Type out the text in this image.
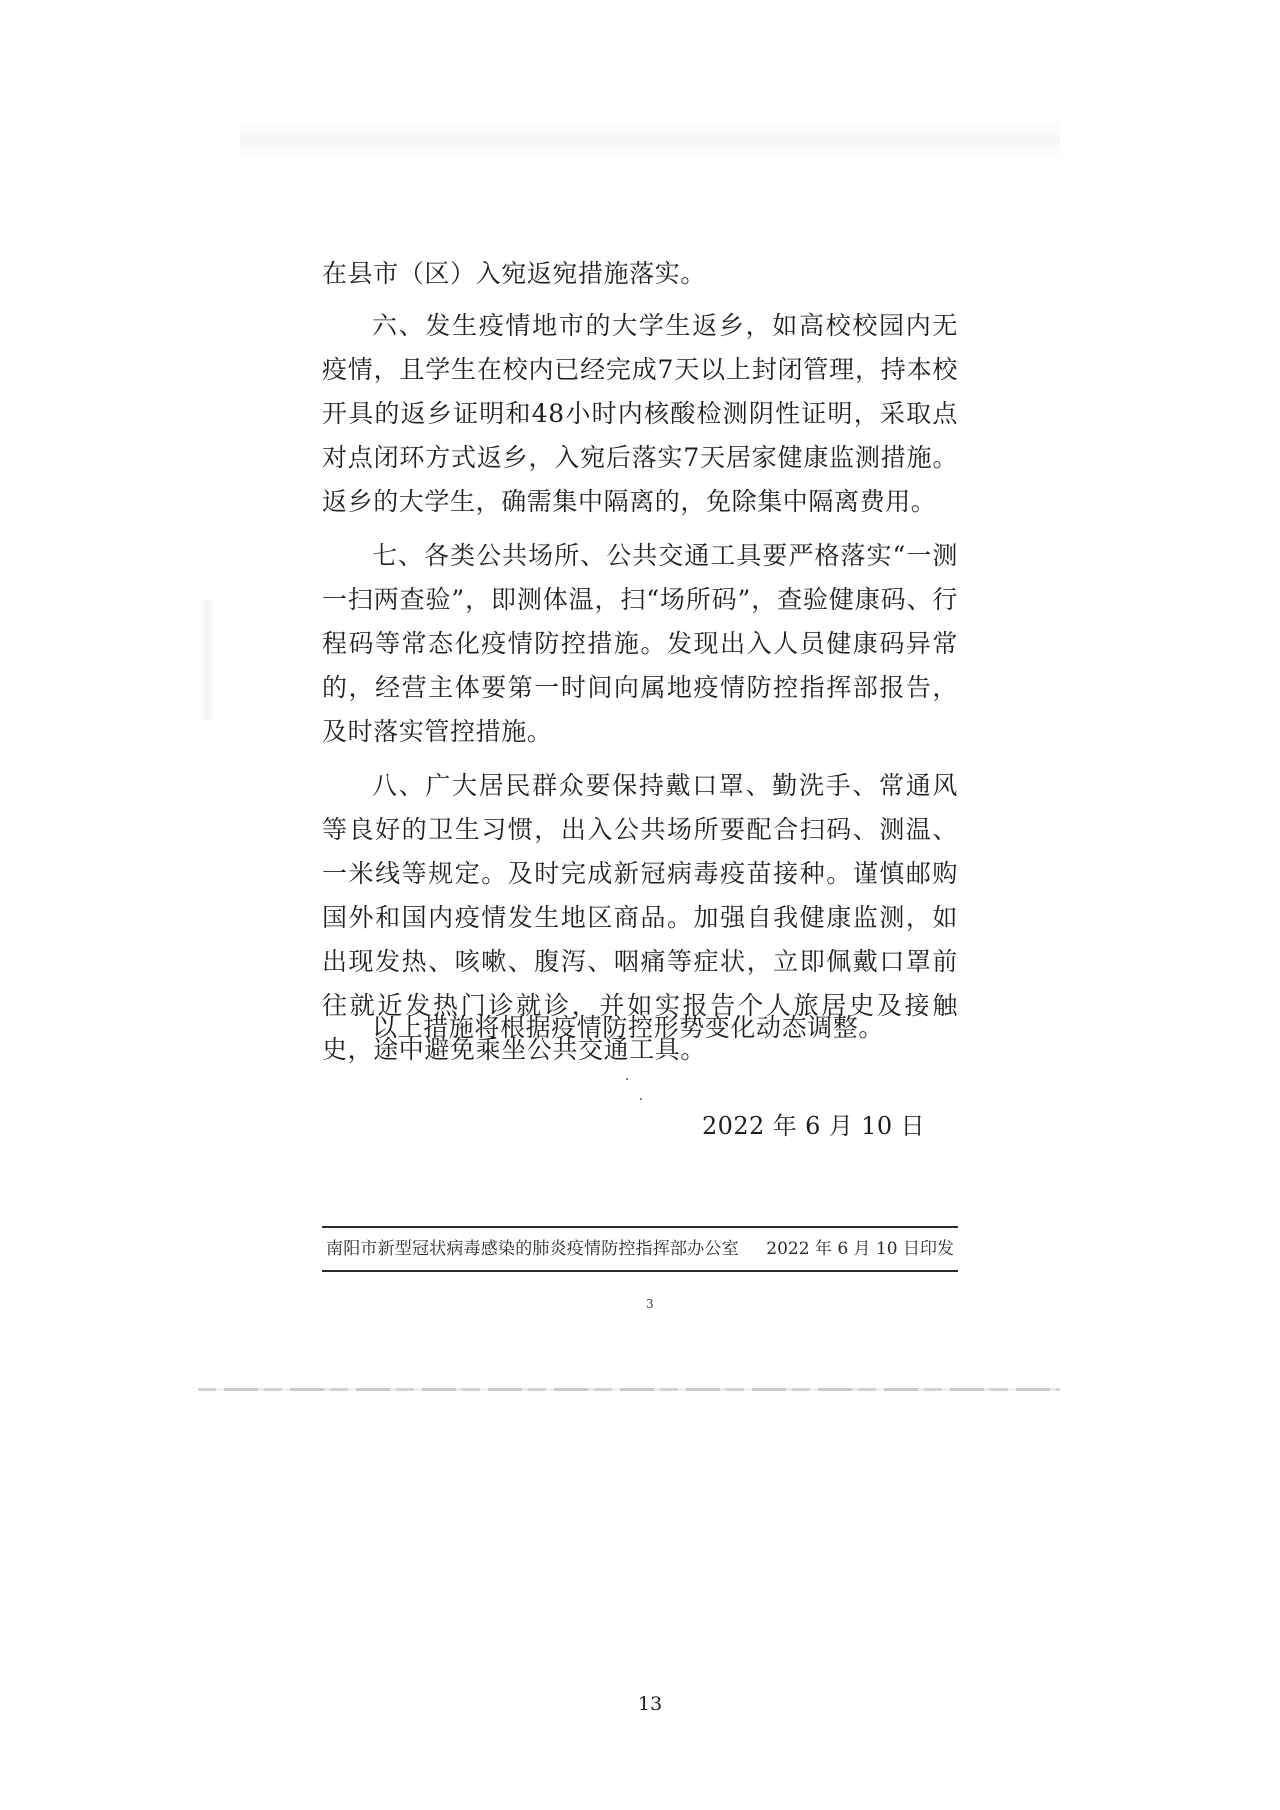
在县市（区）入宛返宛措施落实。

六、发生疫情地市的大学生返乡，如高校校园内无疫情，且学生在校内已经完成7天以上封闭管理，持本校开具的返乡证明和48小时内核酸检测阴性证明，采取点对点闭环方式返乡，入宛后落实7天居家健康监测措施。返乡的大学生，确需集中隔离的，免除集中隔离费用。

七、各类公共场所、公共交通工具要严格落实“一测一扫两查验”，即测体温，扫“场所码”，查验健康码、行程码等常态化疫情防控措施。发现出入人员健康码异常的，经营主体要第一时间向属地疫情防控指挥部报告，及时落实管控措施。

八、广大居民群众要保持戴口罩、勤洗手、常通风等良好的卫生习惯，出入公共场所要配合扫码、测温、一米线等规定。及时完成新冠病毒疫苗接种。谨慎邮购国外和国内疫情发生地区商品。加强自我健康监测，如出现发热、咳嗽、腹泻、咽痛等症状，立即佩戴口罩前往就近发热门诊就诊，并如实报告个人旅居史及接触史，途中避免乘坐公共交通工具。

以上措施将根据疫情防控形势变化动态调整。
2022 年 6 月 10 日
南阳市新型冠状病毒感染的肺炎疫情防控指挥部办公室 2022 年 6 月 10 日印发
3
13
